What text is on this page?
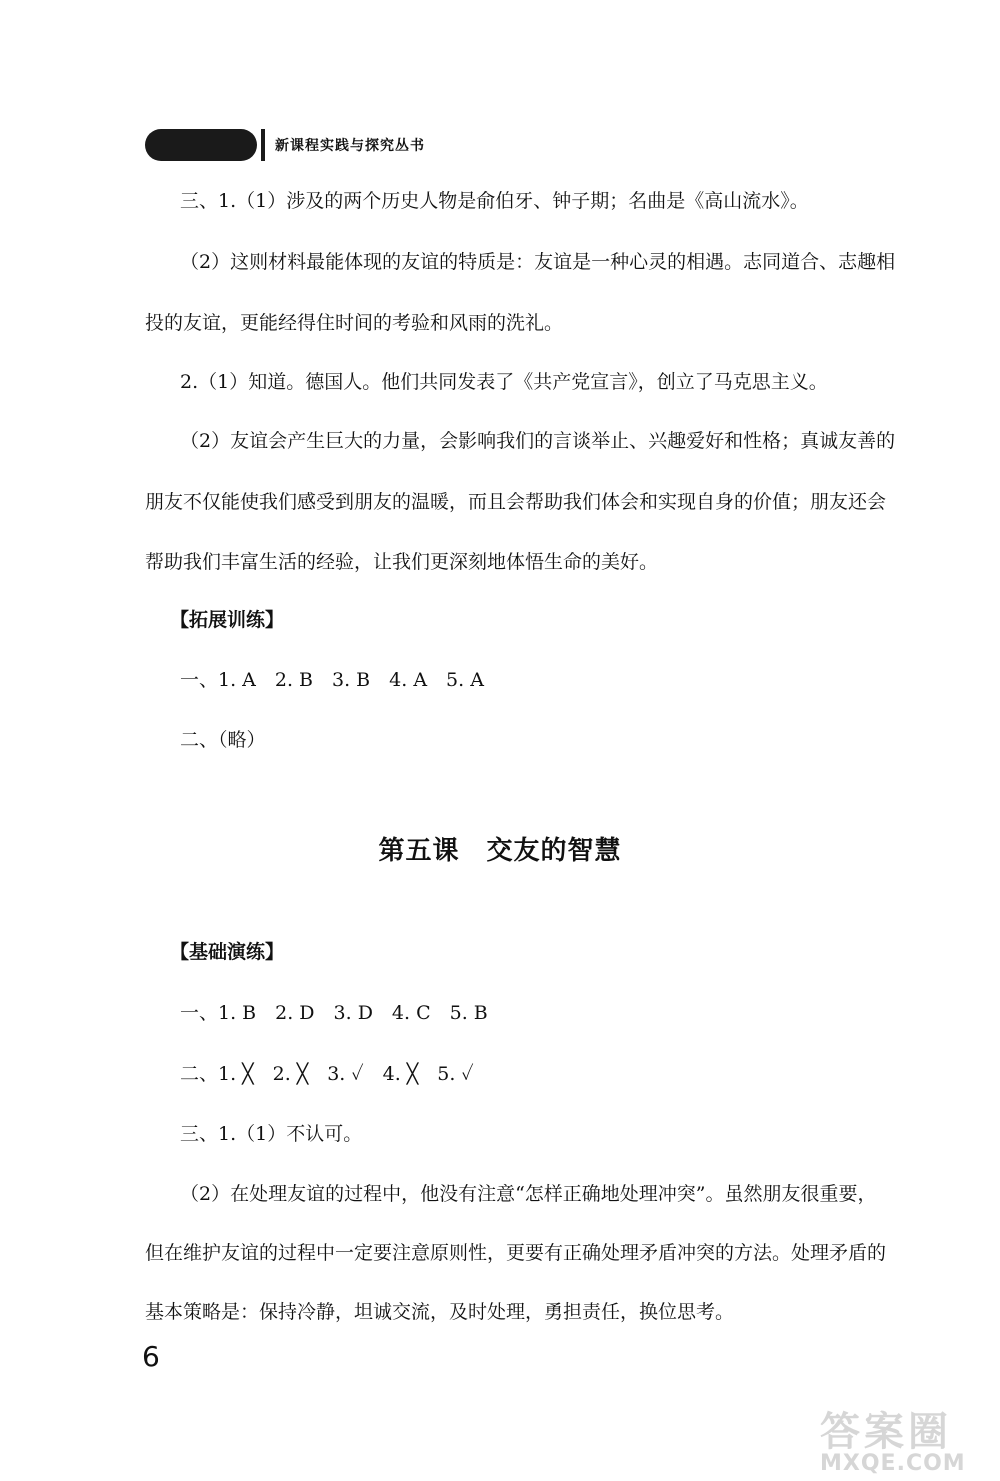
新课程实践与探究丛书
三、1.（1）涉及的两个历史人物是俞伯牙、钟子期；名曲是《高山流水》。
（2）这则材料最能体现的友谊的特质是：友谊是一种心灵的相遇。志同道合、志趣相
投的友谊，更能经得住时间的考验和风雨的洗礼。
2.（1）知道。德国人。他们共同发表了《共产党宣言》，创立了马克思主义。
（2）友谊会产生巨大的力量，会影响我们的言谈举止、兴趣爱好和性格；真诚友善的
朋友不仅能使我们感受到朋友的温暖，而且会帮助我们体会和实现自身的价值；朋友还会
帮助我们丰富生活的经验，让我们更深刻地体悟生命的美好。
【拓展训练】
一、1. A　2. B　3. B　4. A　5. A
二、（略）
第五课　交友的智慧
【基础演练】
一、1. B　2. D　3. D　4. C　5. B
二、1. ╳　2. ╳　3. ✓　4. ╳　5. ✓
三、1.（1）不认可。
（2）在处理友谊的过程中，他没有注意“怎样正确地处理冲突”。虽然朋友很重要，
但在维护友谊的过程中一定要注意原则性，更要有正确处理矛盾冲突的方法。处理矛盾的
基本策略是：保持冷静，坦诚交流，及时处理，勇担责任，换位思考。
6
答案圈
MXQE.COM
